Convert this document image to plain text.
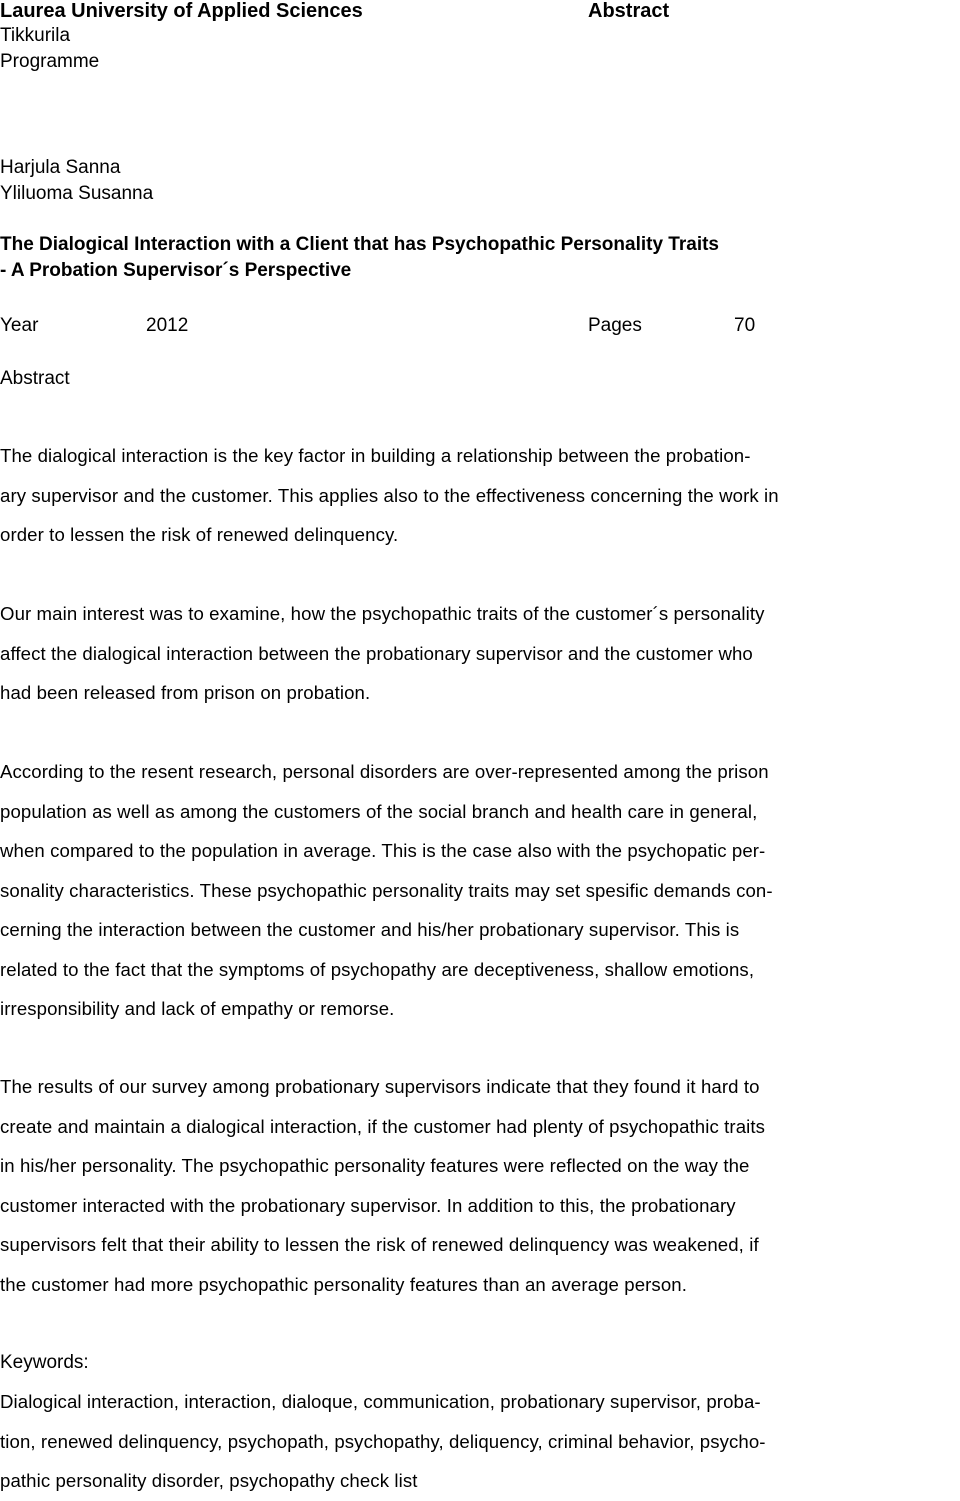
Laurea University of Applied Sciences	Abstract
Tikkurila
Programme
Harjula Sanna
Yliluoma Susanna
The Dialogical Interaction with a Client that has Psychopathic Personality Traits
- A Probation Supervisor´s Perspective
Year	2012	Pages	70
Abstract
The dialogical interaction is the key factor in building a relationship between the probation-
ary supervisor and the customer. This applies also to the effectiveness concerning the work in
order to lessen the risk of renewed delinquency.
Our main interest was to examine, how the psychopathic traits of the customer´s personality
affect the dialogical interaction between the probationary supervisor and the customer who
had been released from prison on probation.
According to the resent research, personal disorders are over-represented among the prison
population as well as among the customers of the social branch and health care in general,
when compared to the population in average. This is the case also with the psychopatic per-
sonality characteristics. These psychopathic personality traits may set spesific demands con-
cerning the interaction between the customer and his/her probationary supervisor. This is
related to the fact that the symptoms of psychopathy are deceptiveness, shallow emotions,
irresponsibility and lack of empathy or remorse.
The results of our survey among probationary supervisors indicate that they found it hard to
create and maintain a dialogical interaction, if the customer had plenty of psychopathic traits
in his/her personality. The psychopathic personality features were reflected on the way the
customer interacted with the probationary supervisor. In addition to this, the probationary
supervisors felt that their ability to lessen the risk of renewed delinquency was weakened, if
the customer had more psychopathic personality features than an average person.
Keywords:
Dialogical interaction, interaction, dialoque, communication, probationary supervisor, proba-
tion, renewed delinquency, psychopath, psychopathy, deliquency, criminal behavior, psycho-
pathic personality disorder, psychopathy check list
